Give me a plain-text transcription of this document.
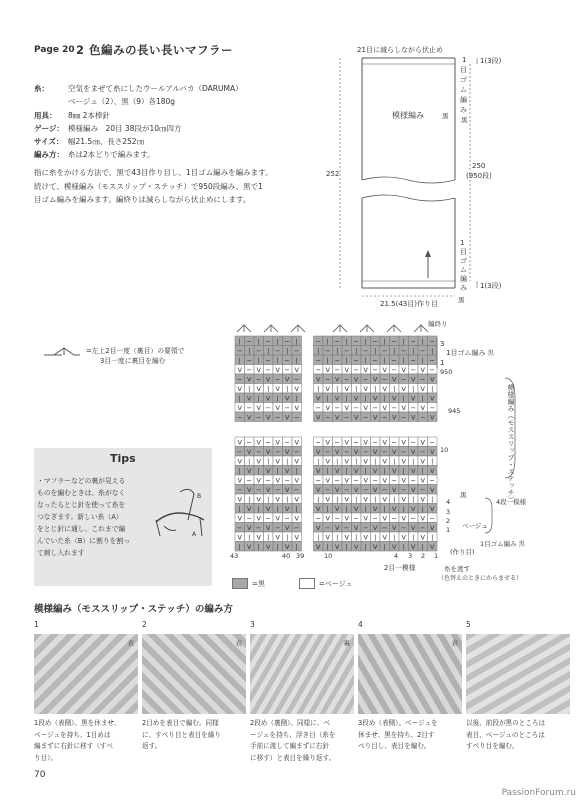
Page 20 2 色編みの長い長いマフラー
糸：	空気をまぜて糸にしたウールアルパカ（DARUMA）
ベージュ（2）、黒（9）各180g
用具：	8㎜ 2本棒針
ゲージ： 模様編み　20目 38段が10㎝四方
サイズ： 幅21.5㎝、長さ252㎝
編み方： 糸は2本どりで編みます。
指に糸をかける方法で、黒で43目作り目し、1目ゴム編みを編みます。
続けて、模様編み（モススリップ・ステッチ）で950段編み、黒で1
目ゴム編みを編みます。編終りは減らしながら伏止めにします。
21目に減らしながら伏止め
1
目
ゴ
ム
編
み
黒
1(3段)
模様編み	黒
252
250
(950段)
1
目
ゴ
ム
編
み 1(3段)
21.5(43目)作り目	黒
=左上2目一度（裏目）の要領で
3目一度に裏目を編む
| − | − | − |	− | − | − | − | − | − | −
− | − | − | −	| − | − | − | − | − | − |
| − | − | − |	− | − | − | − | − | − | −
V − V − V − V	− V − V − V − V − V − V −
− V − V − V −	V − V − V − V − V − V − V
V | V | V | V	| V | V | V | V | V | V |
| V | V | V |	V | V | V | V | V | V | V
V − V − V − V	− V − V − V − V − V − V −
− V − V − V −	V − V − V − V − V − V − V
V − V − V − V	− V − V − V − V − V − V −
− V − V − V −	V − V − V − V − V − V − V
V | V | V | V	| V | V | V | V | V | V |
| V | V | V |	V | V | V | V | V | V | V
V − V − V − V	− V − V − V − V − V − V −
− V − V − V −	V − V − V − V − V − V − V
V | V | V | V	| V | V | V | V | V | V |
| V | V | V |	V | V | V | V | V | V | V
V − V − V − V	− V − V − V − V − V − V −
− V − V − V −	V − V − V − V − V − V − V
V | V | V | V	| V | V | V | V | V | V |
| V | V | V |	V | V | V | V | V | V | V
編終り
3
1
950
1目ゴム編み 黒
945
10
4
3
2
1
黒
ベージュ
1目ゴム編み 黒
(作り目)
4段一模様
43	40 39	10	4 3 2 1
2目一模様	糸を渡す
（色替えのときにからませる）
模様編み（モススリップ・ステッチ）
=黒	=ベージュ
Tips
・マフラーなどの裏が見える
ものを編むときは、糸がなく
なったらとじ針を使って糸を
つなぎます。新しい糸（A）
をとじ針に通し、これまで編
んでいた糸（B）に割りを割っ
て刺し入れます
B
A
模様編み（モススリップ・ステッチ）の編み方
1
表
1段め（表側）。黒を休ませ、
ベージュを持ち、1目めは
編まずに右針に移す（すべ
り目）。
2
表
2目めを表目で編む。同様
に、すべり目と表目を繰り
返す。
3
裏
2段め（裏側）。同様に、ベ
ージュを持ち、浮き目（糸を
手前に渡して編まずに右針
に移す）と表目を繰り返す。
4
表
3段め（表側）。ベージュを
休ませ、黒を持ち、2目す
べり目し、表目を編む。
5
以後、前段が黒のところは
表目、ベージュのところは
すべり目を編む。
70
PassionForum.ru
